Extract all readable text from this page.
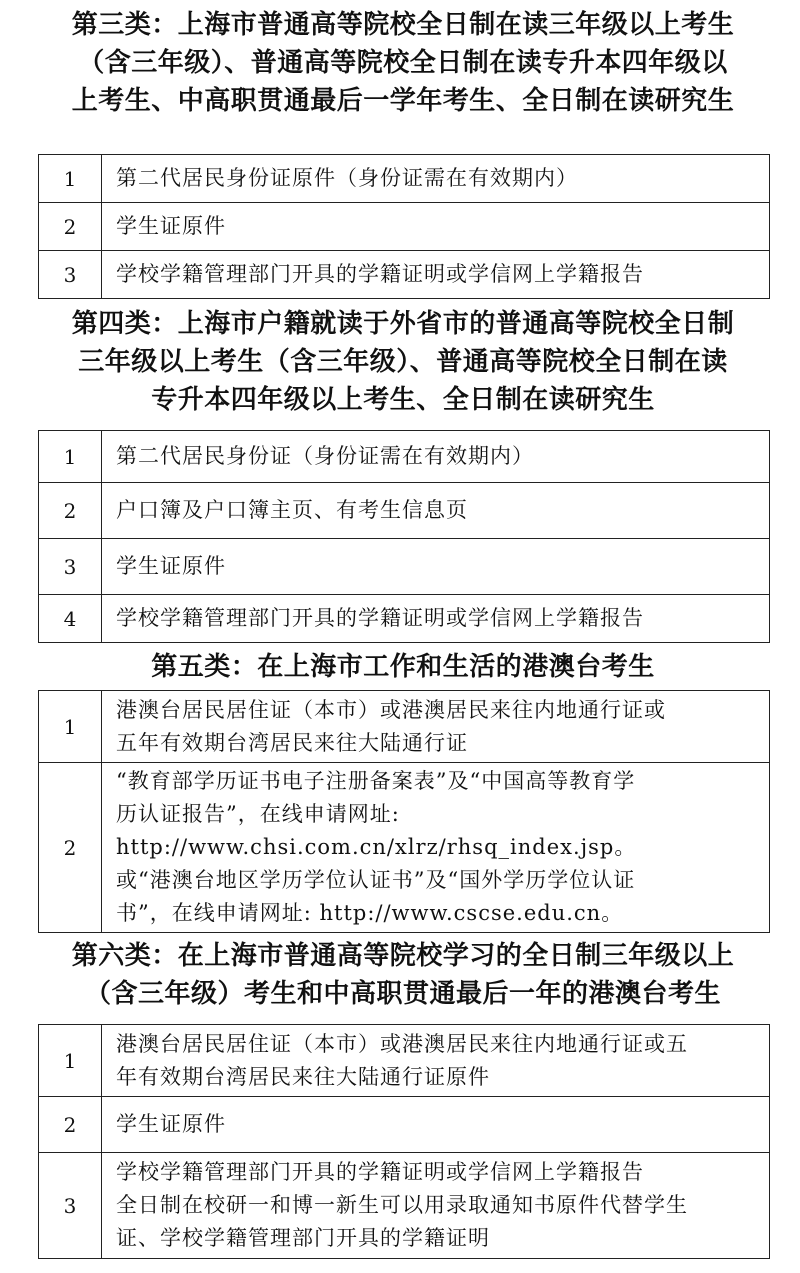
第三类：上海市普通高等院校全日制在读三年级以上考生
（含三年级）、普通高等院校全日制在读专升本四年级以
上考生、中高职贯通最后一学年考生、全日制在读研究生
1	第二代居民身份证原件（身份证需在有效期内）

2	学生证原件

3	学校学籍管理部门开具的学籍证明或学信网上学籍报告
第四类：上海市户籍就读于外省市的普通高等院校全日制
三年级以上考生（含三年级）、普通高等院校全日制在读
专升本四年级以上考生、全日制在读研究生
1	第二代居民身份证（身份证需在有效期内）

2	户口簿及户口簿主页、有考生信息页

3	学生证原件

4	学校学籍管理部门开具的学籍证明或学信网上学籍报告
第五类：在上海市工作和生活的港澳台考生
1	港澳台居民居住证（本市）或港澳居民来往内地通行证或
五年有效期台湾居民来往大陆通行证

2	“教育部学历证书电子注册备案表”及“中国高等教育学
历认证报告”，在线申请网址:
http://www.chsi.com.cn/xlrz/rhsq_index.jsp。
或“港澳台地区学历学位认证书”及“国外学历学位认证
书”，在线申请网址: http://www.cscse.edu.cn。
第六类：在上海市普通高等院校学习的全日制三年级以上
（含三年级）考生和中高职贯通最后一年的港澳台考生
1	港澳台居民居住证（本市）或港澳居民来往内地通行证或五
年有效期台湾居民来往大陆通行证原件

2	学生证原件

3	学校学籍管理部门开具的学籍证明或学信网上学籍报告
全日制在校研一和博一新生可以用录取通知书原件代替学生
证、学校学籍管理部门开具的学籍证明
